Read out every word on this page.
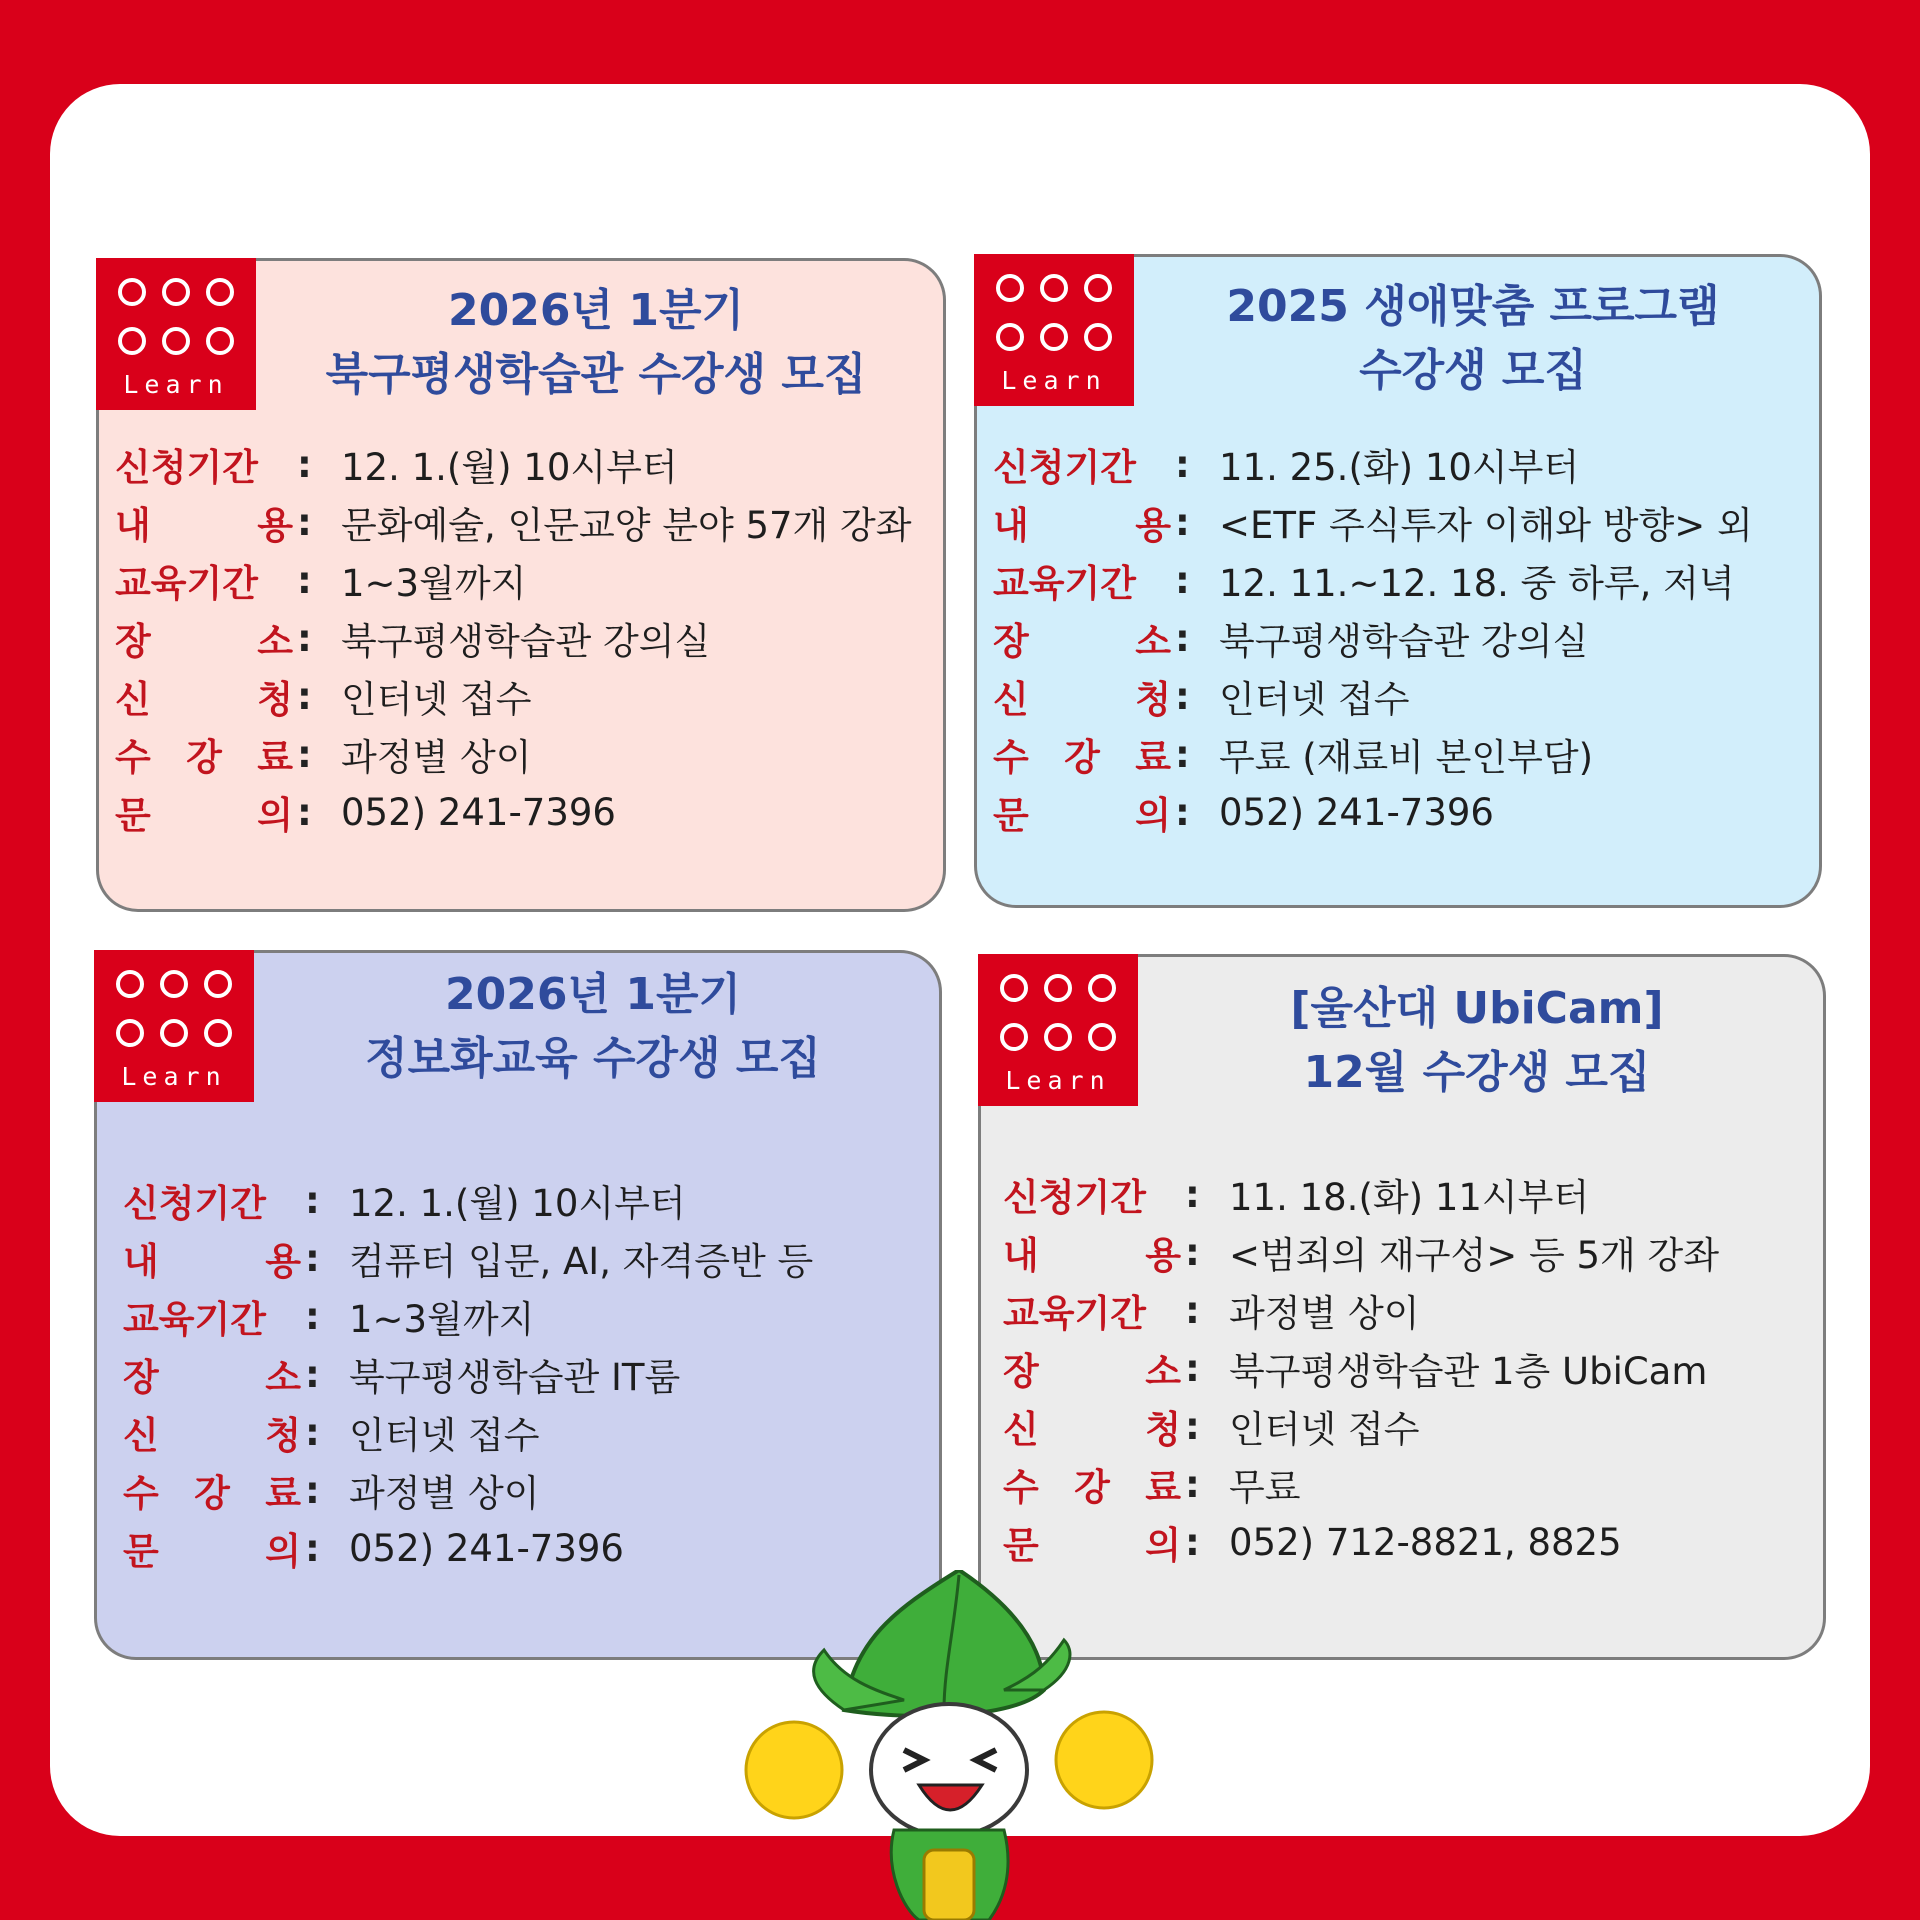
Learn
2026년 1분기
북구평생학습관 수강생 모집
신청기간 : 12. 1.(월) 10시부터
내	용 : 문화예술, 인문교양 분야 57개 강좌
교육기간 : 1~3월까지
장	소 : 북구평생학습관 강의실
신	청 : 인터넷 접수
수 강 료 : 과정별 상이
문	의 : 052) 241-7396
Learn
2025 생애맞춤 프로그램
수강생 모집
신청기간 : 11. 25.(화) 10시부터
내	용 : <ETF 주식투자 이해와 방향> 외
교육기간 : 12. 11.~12. 18. 중 하루, 저녁
장	소 : 북구평생학습관 강의실
신	청 : 인터넷 접수
수 강 료 : 무료 (재료비 본인부담)
문	의 : 052) 241-7396
Learn
2026년 1분기
정보화교육 수강생 모집
신청기간 : 12. 1.(월) 10시부터
내	용 : 컴퓨터 입문, AI, 자격증반 등
교육기간 : 1~3월까지
장	소 : 북구평생학습관 IT룸
신	청 : 인터넷 접수
수 강 료 : 과정별 상이
문	의 : 052) 241-7396
Learn
[울산대 UbiCam]
12월 수강생 모집
신청기간 : 11. 18.(화) 11시부터
내	용 : <범죄의 재구성> 등 5개 강좌
교육기간 : 과정별 상이
장	소 : 북구평생학습관 1층 UbiCam
신	청 : 인터넷 접수
수 강 료 : 무료
문	의 : 052) 712-8821, 8825
